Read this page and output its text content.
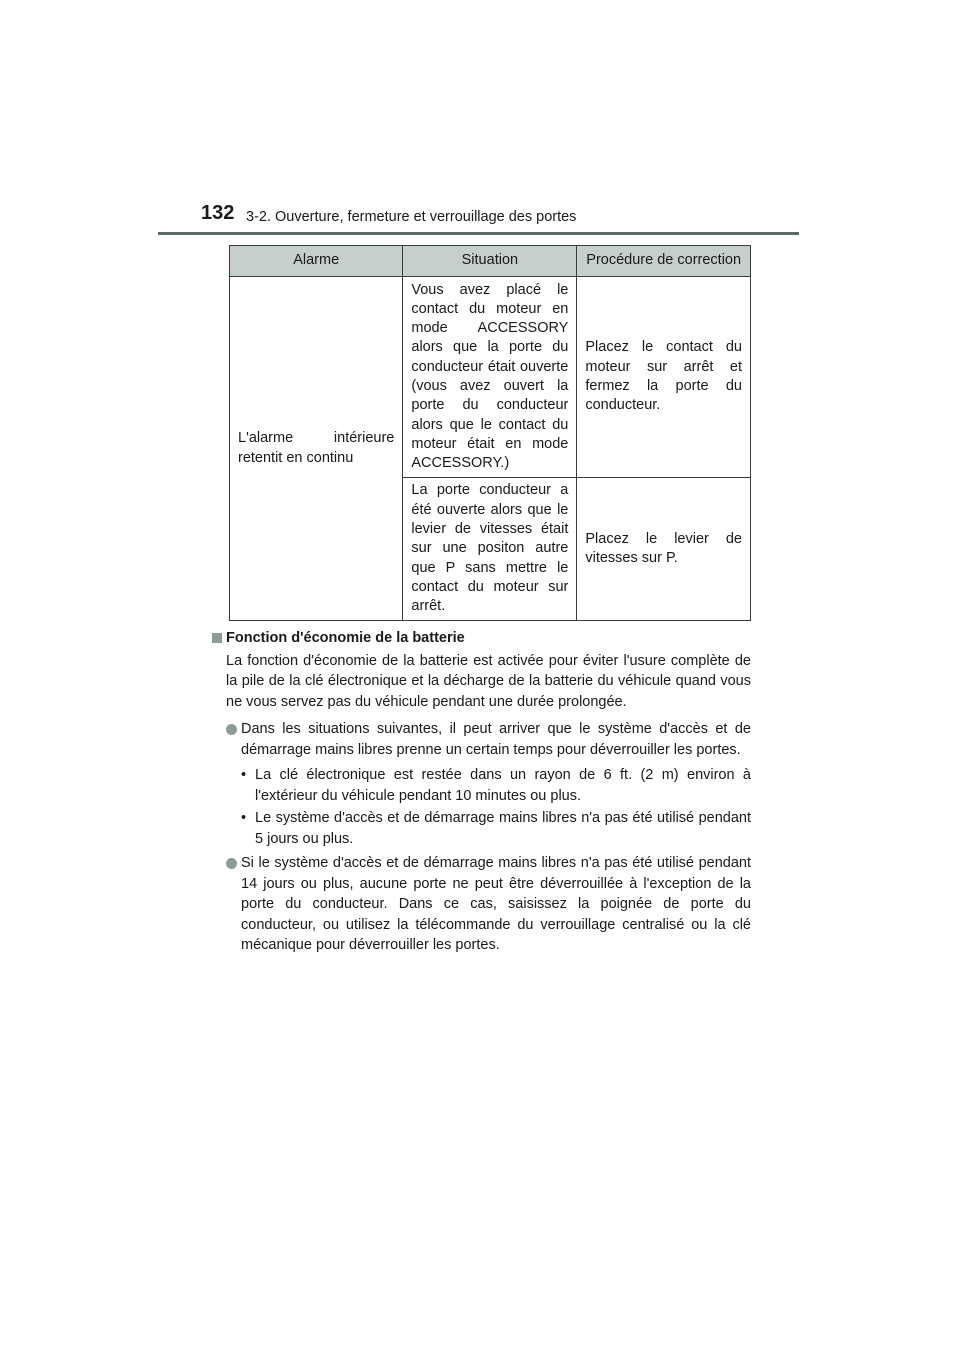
132 3-2. Ouverture, fermeture et verrouillage des portes
Alarme	Situation	Procédure de correction

L'alarme intérieure retentit en continu	Vous avez placé le contact du moteur en mode ACCESSORY alors que la porte du conducteur était ouverte (vous avez ouvert la porte du conducteur alors que le contact du moteur était en mode ACCESSORY.)	Placez le contact du moteur sur arrêt et fermez la porte du conducteur.

	La porte conducteur a été ouverte alors que le levier de vitesses était sur une positon autre que P sans mettre le contact du moteur sur arrêt.	Placez le levier de vitesses sur P.
Fonction d'économie de la batterie
La fonction d'économie de la batterie est activée pour éviter l'usure complète de la pile de la clé électronique et la décharge de la batterie du véhicule quand vous ne vous servez pas du véhicule pendant une durée prolongée.
Dans les situations suivantes, il peut arriver que le système d'accès et de démarrage mains libres prenne un certain temps pour déverrouiller les portes.
• La clé électronique est restée dans un rayon de 6 ft. (2 m) environ à l'extérieur du véhicule pendant 10 minutes ou plus.
• Le système d'accès et de démarrage mains libres n'a pas été utilisé pendant 5 jours ou plus.
Si le système d'accès et de démarrage mains libres n'a pas été utilisé pendant 14 jours ou plus, aucune porte ne peut être déverrouillée à l'exception de la porte du conducteur. Dans ce cas, saisissez la poignée de porte du conducteur, ou utilisez la télécommande du verrouillage centralisé ou la clé mécanique pour déverrouiller les portes.
